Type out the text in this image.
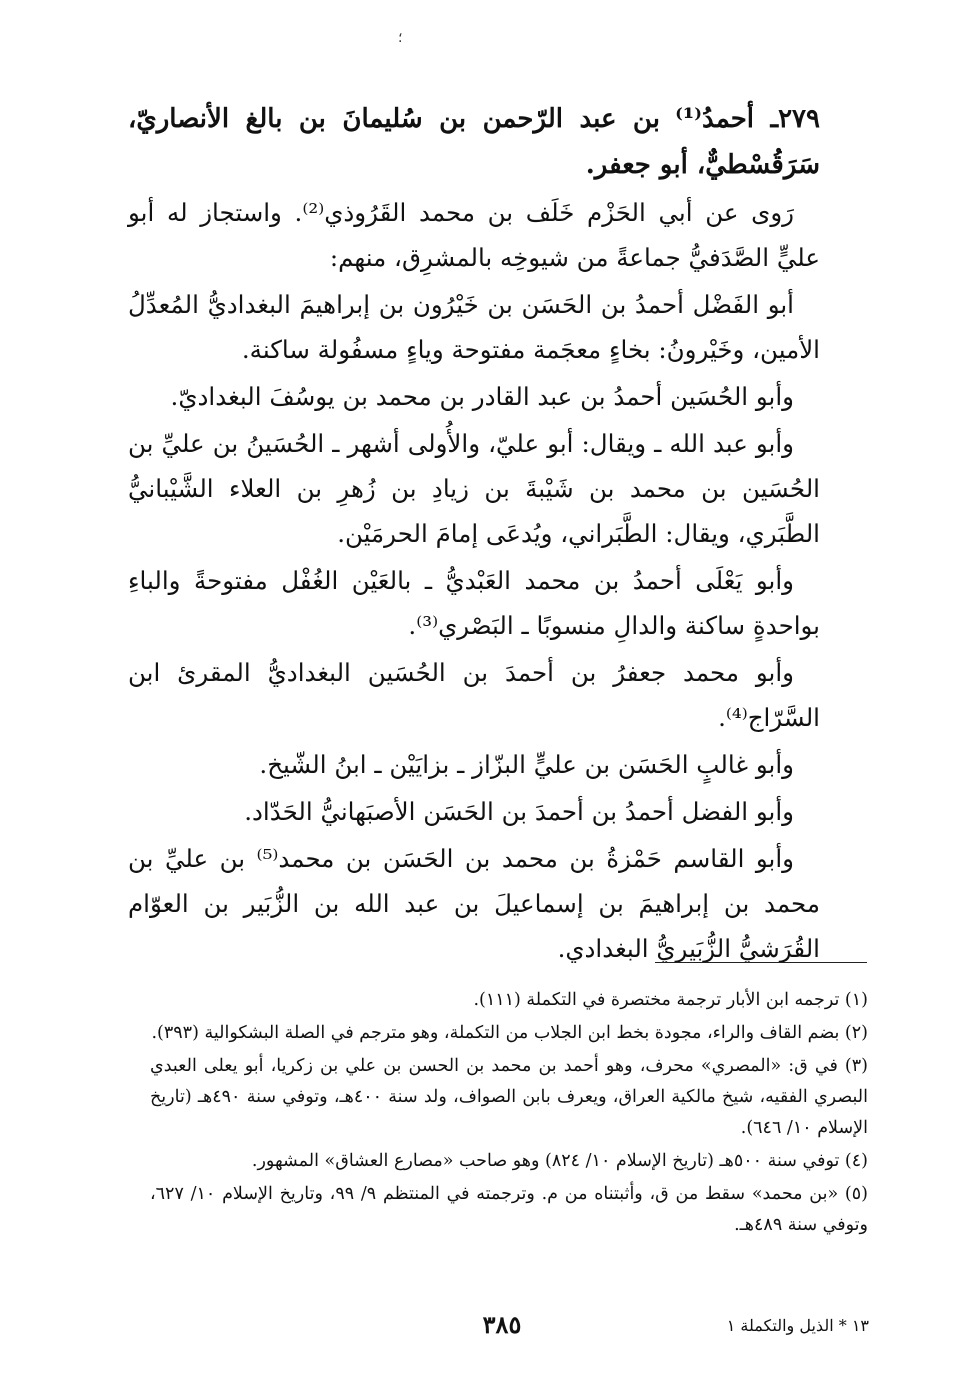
؛

٢٧٩ـ أحمدُ⁽¹⁾ بن عبد الرّحمن بن سُليمانَ بن بالغ الأنصاريّ، سَرَقُسْطيٌّ، أبو جعفر.

رَوى عن أبي الحَزْم خَلَف بن محمد القَرُوذي⁽²⁾. واستجاز له أبو عليٍّ الصَّدَفيُّ جماعةً من شيوخِه بالمشرِق، منهم:

أبو الفَضْل أحمدُ بن الحَسَن بن خَيْرُون بن إبراهيمَ البغداديُّ المُعدِّلُ الأمين، وخَيْرونُ: بخاءٍ معجَمة مفتوحة وياءٍ مسفُولة ساكنة.

وأبو الحُسَين أحمدُ بن عبد القادر بن محمد بن يوسُفَ البغداديّ.

وأبو عبد الله ـ ويقال: أبو عليّ، والأُولى أشهر ـ الحُسَينُ بن عليِّ بن الحُسَين بن محمد بن شَيْبةَ بن زيادِ بن زُهرِ بن العلاء الشَّيْبانيُّ الطَّبَري، ويقال: الطَّبَراني، ويُدعَى إمامَ الحرمَيْن.

وأبو يَعْلَى أحمدُ بن محمد العَبْديُّ ـ بالعَيْن الغُفْل مفتوحةً والباءِ بواحدةٍ ساكنة والدالِ منسوبًا ـ البَصْري⁽³⁾.

وأبو محمد جعفرُ بن أحمدَ بن الحُسَين البغداديُّ المقرئ ابن السَّرّاج⁽⁴⁾.

وأبو غالبٍ الحَسَن بن عليٍّ البزّاز ـ بزايَيْن ـ ابنُ الشّيخ.

وأبو الفضل أحمدُ بن أحمدَ بن الحَسَن الأصبَهانيُّ الحَدّاد.

وأبو القاسم حَمْزةُ بن محمد بن الحَسَن بن محمد⁽⁵⁾ بن عليِّ بن محمد بن إبراهيمَ بن إسماعيلَ بن عبد الله بن الزُّبَير بن العوّام القُرَشيُّ الزُّبَيريُّ البغدادي.

(١) ترجمه ابن الأبار ترجمة مختصرة في التكملة (١١١).

(٢) بضم القاف والراء، مجودة بخط ابن الجلاب من التكملة، وهو مترجم في الصلة البشكوالية (٣٩٣).

(٣) في ق: «المصري» محرف، وهو أحمد بن محمد بن الحسن بن علي بن زكريا، أبو يعلى العبدي البصري الفقيه، شيخ مالكية العراق، ويعرف بابن الصواف، ولد سنة ٤٠٠هـ، وتوفي سنة ٤٩٠هـ (تاريخ الإسلام ١٠/ ٦٤٦).

(٤) توفي سنة ٥٠٠هـ (تاريخ الإسلام ١٠/ ٨٢٤) وهو صاحب «مصارع العشاق» المشهور.

(٥) «بن محمد» سقط من ق، وأثبتناه من م. وترجمته في المنتظم ٩/ ٩٩، وتاريخ الإسلام ١٠/ ٦٢٧، وتوفي سنة ٤٨٩هـ.

٣٨٥	١٣ * الذيل والتكملة ١
